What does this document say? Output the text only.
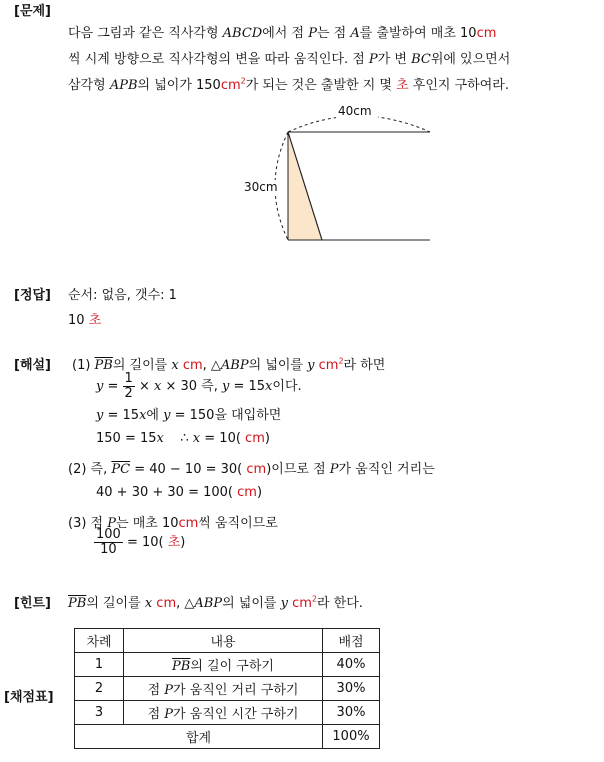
[문제]
다음 그림과 같은 직사각형 ABCD에서 점 P는 점 A를 출발하여 매초 10cm
씩 시계 방향으로 직사각형의 변을 따라 움직인다. 점 P가 변 BC위에 있으면서
삼각형 APB의 넓이가 $150cm^2$가 되는 것은 출발한 지 몇 초 후인지 구하여라.
40cm
30cm
[정답] 순서: 없음, 갯수: 1
10 초
[해설] (1) $\overline{PB}$의 길이를 x cm, △ABP의 넓이를 y $cm^2$라 하면
$y = \frac{1}{2} \times x \times 30$ 즉, y = 15x이다.
y = 15x에 y = 150을 대입하면
150 = 15x    ∴ x = 10( cm)
(2) 즉, $\overline{PC} = 40 - 10 = 30$( cm)이므로 점 P가 움직인 거리는
40 + 30 + 30 = 100( cm)
(3) 점 P는 매초 10cm씩 움직이므로
$\frac{100}{10} = 10$( 초)
[힌트] $\overline{PB}$의 길이를 x cm, △ABP의 넓이를 y $cm^2$라 한다.
[채점표]
차례	내용	배점
1	$\overline{PB}$의 길이 구하기	40%
2	점 P가 움직인 거리 구하기	30%
3	점 P가 움직인 시간 구하기	30%
합계		100%
